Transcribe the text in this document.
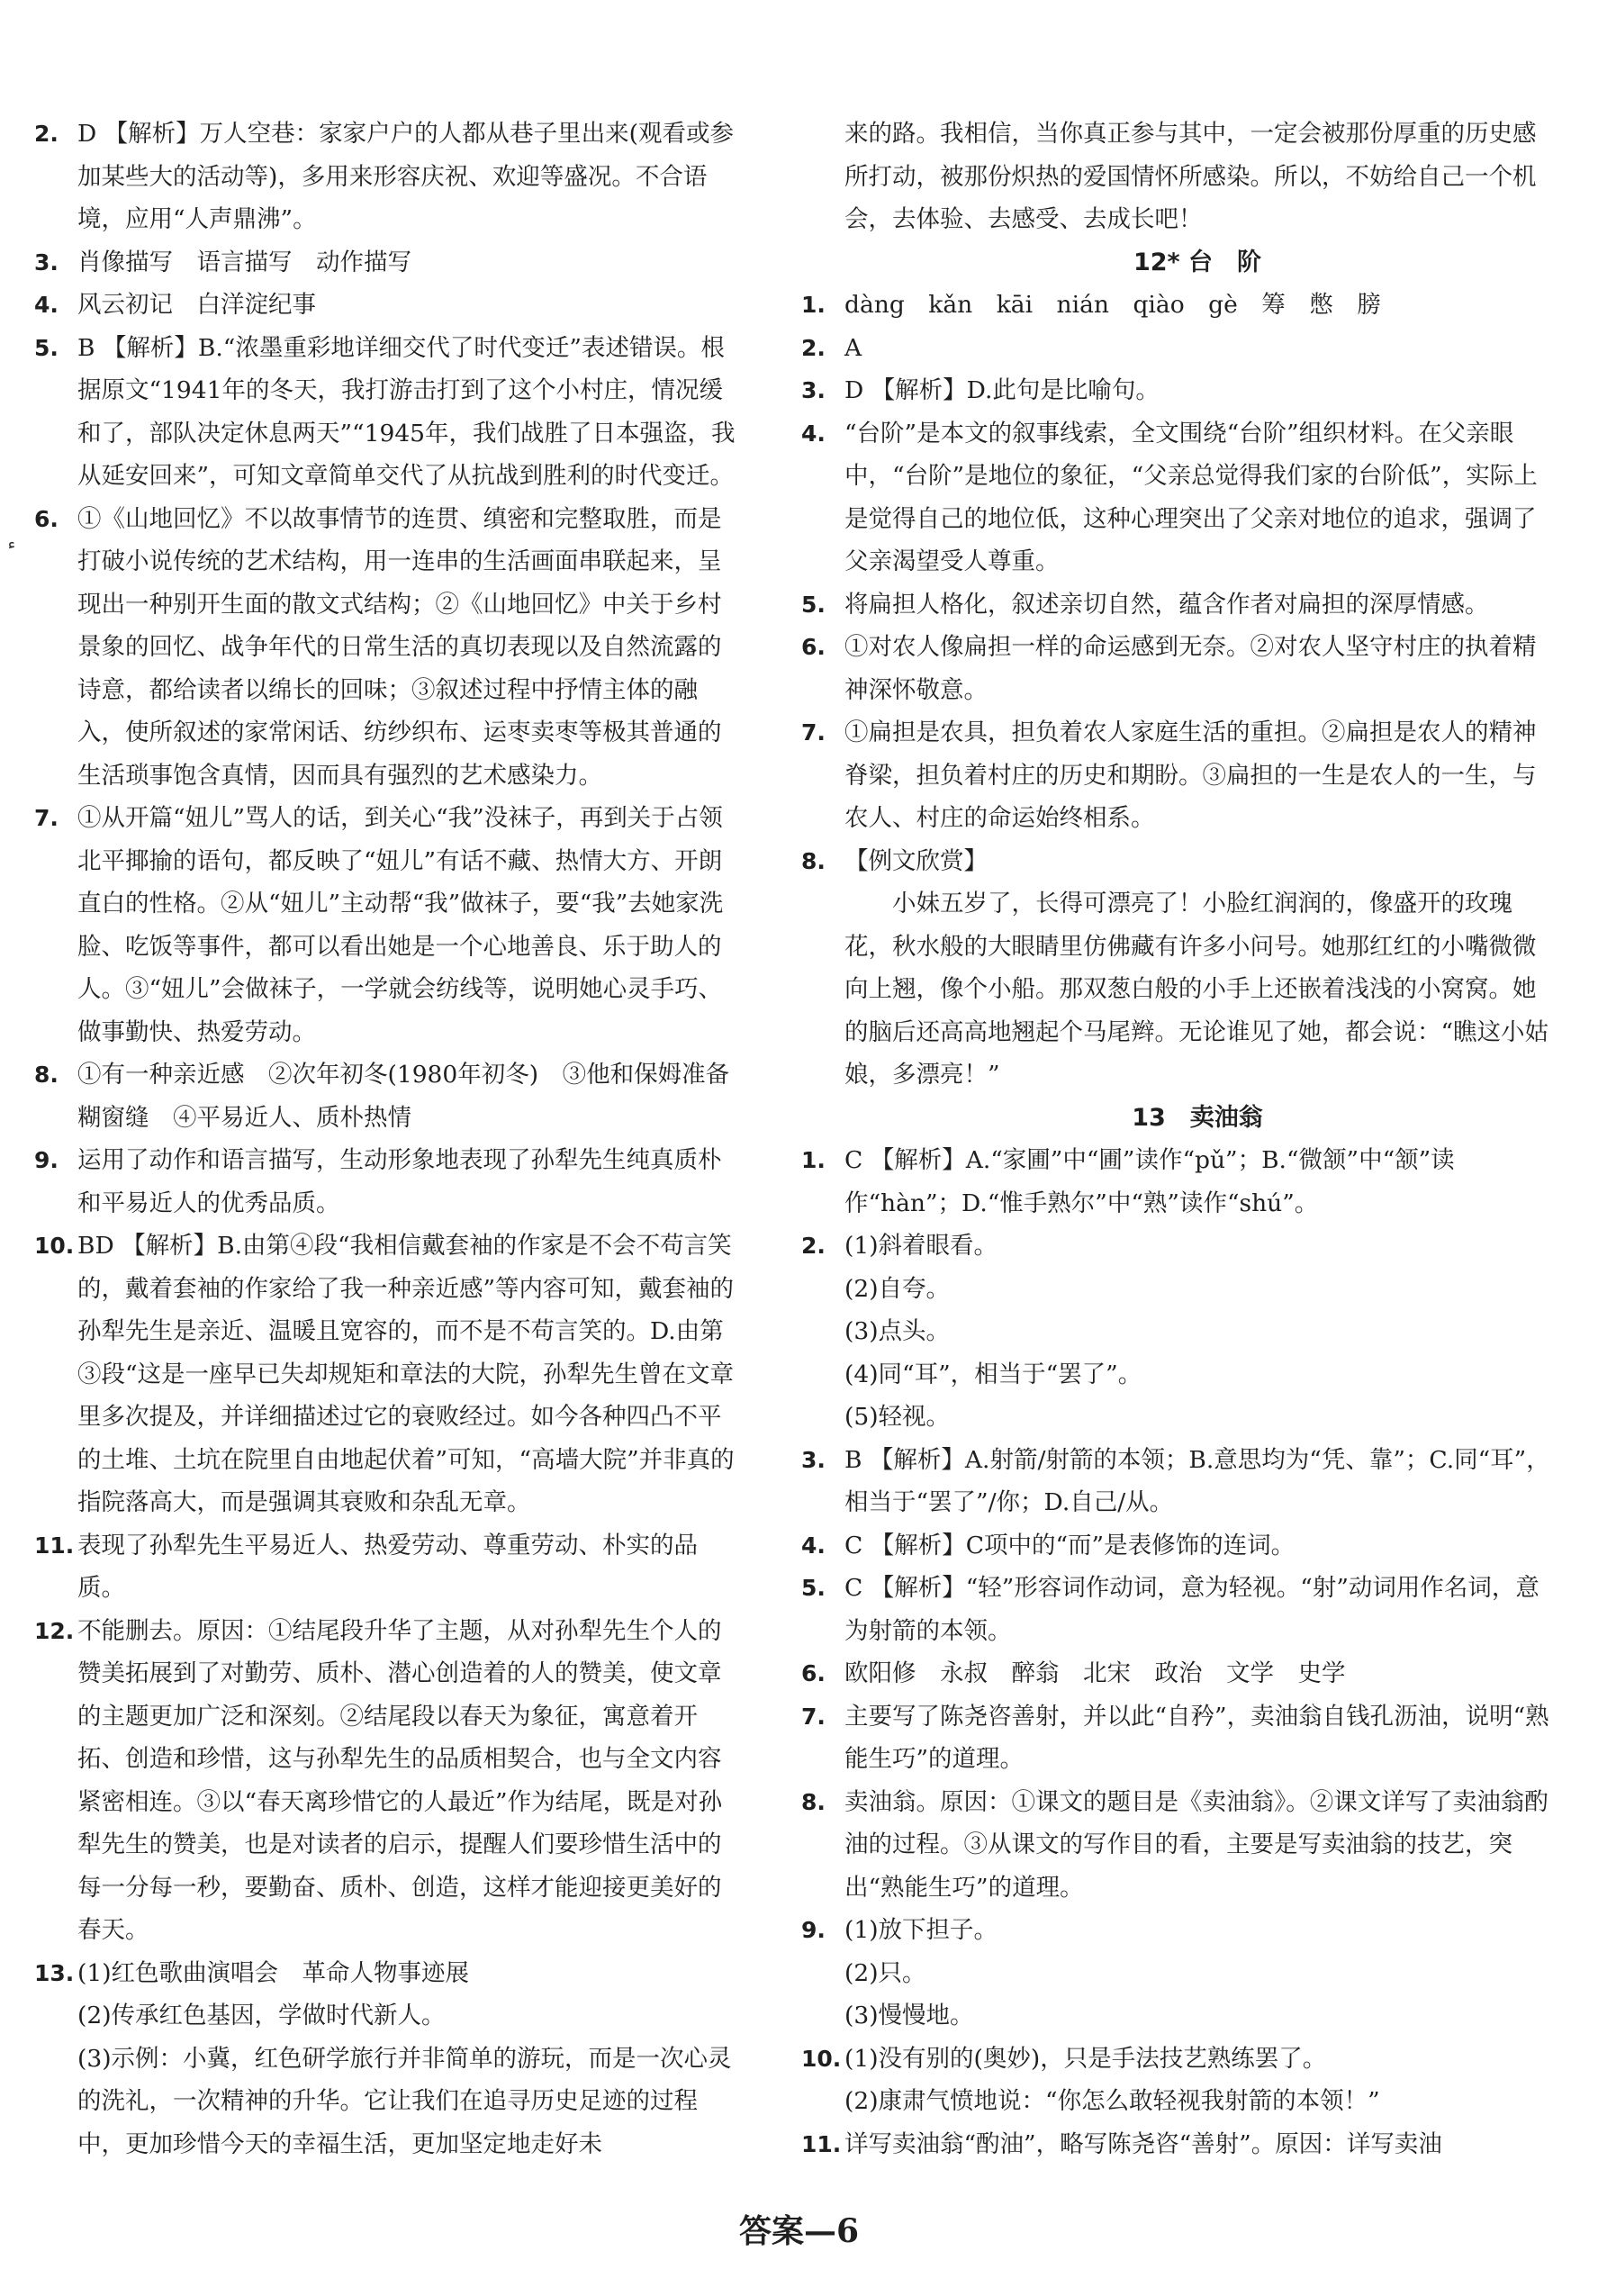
ٴ
2. D 【解析】万人空巷：家家户户的人都从巷子里出来(观看或参加某些大的活动等)，多用来形容庆祝、欢迎等盛况。不合语境，应用“人声鼎沸”。
3. 肖像描写　语言描写　动作描写
4. 风云初记　白洋淀纪事
5. B 【解析】B.“浓墨重彩地详细交代了时代变迁”表述错误。根据原文“1941年的冬天，我打游击打到了这个小村庄，情况缓和了，部队决定休息两天”“1945年，我们战胜了日本强盗，我从延安回来”，可知文章简单交代了从抗战到胜利的时代变迁。
6. ①《山地回忆》不以故事情节的连贯、缜密和完整取胜，而是打破小说传统的艺术结构，用一连串的生活画面串联起来，呈现出一种别开生面的散文式结构；②《山地回忆》中关于乡村景象的回忆、战争年代的日常生活的真切表现以及自然流露的诗意，都给读者以绵长的回味；③叙述过程中抒情主体的融入，使所叙述的家常闲话、纺纱织布、运枣卖枣等极其普通的生活琐事饱含真情，因而具有强烈的艺术感染力。
7. ①从开篇“妞儿”骂人的话，到关心“我”没袜子，再到关于占领北平揶揄的语句，都反映了“妞儿”有话不藏、热情大方、开朗直白的性格。②从“妞儿”主动帮“我”做袜子，要“我”去她家洗脸、吃饭等事件，都可以看出她是一个心地善良、乐于助人的人。③“妞儿”会做袜子，一学就会纺线等，说明她心灵手巧、做事勤快、热爱劳动。
8. ①有一种亲近感　②次年初冬(1980年初冬)　③他和保姆准备糊窗缝　④平易近人、质朴热情
9. 运用了动作和语言描写，生动形象地表现了孙犁先生纯真质朴和平易近人的优秀品质。
10. BD 【解析】B.由第④段“我相信戴套袖的作家是不会不苟言笑的，戴着套袖的作家给了我一种亲近感”等内容可知，戴套袖的孙犁先生是亲近、温暖且宽容的，而不是不苟言笑的。D.由第③段“这是一座早已失却规矩和章法的大院，孙犁先生曾在文章里多次提及，并详细描述过它的衰败经过。如今各种四凸不平的土堆、土坑在院里自由地起伏着”可知，“高墙大院”并非真的指院落高大，而是强调其衰败和杂乱无章。
11. 表现了孙犁先生平易近人、热爱劳动、尊重劳动、朴实的品质。
12. 不能删去。原因：①结尾段升华了主题，从对孙犁先生个人的赞美拓展到了对勤劳、质朴、潜心创造着的人的赞美，使文章的主题更加广泛和深刻。②结尾段以春天为象征，寓意着开拓、创造和珍惜，这与孙犁先生的品质相契合，也与全文内容紧密相连。③以“春天离珍惜它的人最近”作为结尾，既是对孙犁先生的赞美，也是对读者的启示，提醒人们要珍惜生活中的每一分每一秒，要勤奋、质朴、创造，这样才能迎接更美好的春天。
13. (1)红色歌曲演唱会　革命人物事迹展
(2)传承红色基因，学做时代新人。
(3)示例：小冀，红色研学旅行并非简单的游玩，而是一次心灵的洗礼，一次精神的升华。它让我们在追寻历史足迹的过程中，更加珍惜今天的幸福生活，更加坚定地走好未
来的路。我相信，当你真正参与其中，一定会被那份厚重的历史感所打动，被那份炽热的爱国情怀所感染。所以，不妨给自己一个机会，去体验、去感受、去成长吧！
12* 台　阶
1. dàng　kǎn　kāi　nián　qiào　gè　筹　憋　膀
2. A
3. D 【解析】D.此句是比喻句。
4. “台阶”是本文的叙事线索，全文围绕“台阶”组织材料。在父亲眼中，“台阶”是地位的象征，“父亲总觉得我们家的台阶低”，实际上是觉得自己的地位低，这种心理突出了父亲对地位的追求，强调了父亲渴望受人尊重。
5. 将扁担人格化，叙述亲切自然，蕴含作者对扁担的深厚情感。
6. ①对农人像扁担一样的命运感到无奈。②对农人坚守村庄的执着精神深怀敬意。
7. ①扁担是农具，担负着农人家庭生活的重担。②扁担是农人的精神脊梁，担负着村庄的历史和期盼。③扁担的一生是农人的一生，与农人、村庄的命运始终相系。
8. 【例文欣赏】
　　小妹五岁了，长得可漂亮了！小脸红润润的，像盛开的玫瑰花，秋水般的大眼睛里仿佛藏有许多小问号。她那红红的小嘴微微向上翘，像个小船。那双葱白般的小手上还嵌着浅浅的小窝窝。她的脑后还高高地翘起个马尾辫。无论谁见了她，都会说：“瞧这小姑娘，多漂亮！”
13　卖油翁
1. C 【解析】A.“家圃”中“圃”读作“pǔ”；B.“微颔”中“颔”读作“hàn”；D.“惟手熟尔”中“熟”读作“shú”。
2. (1)斜着眼看。
(2)自夸。
(3)点头。
(4)同“耳”，相当于“罢了”。
(5)轻视。
3. B 【解析】A.射箭/射箭的本领；B.意思均为“凭、靠”；C.同“耳”，相当于“罢了”/你；D.自己/从。
4. C 【解析】C项中的“而”是表修饰的连词。
5. C 【解析】“轻”形容词作动词，意为轻视。“射”动词用作名词，意为射箭的本领。
6. 欧阳修　永叔　醉翁　北宋　政治　文学　史学
7. 主要写了陈尧咨善射，并以此“自矜”，卖油翁自钱孔沥油，说明“熟能生巧”的道理。
8. 卖油翁。原因：①课文的题目是《卖油翁》。②课文详写了卖油翁酌油的过程。③从课文的写作目的看，主要是写卖油翁的技艺，突出“熟能生巧”的道理。
9. (1)放下担子。
(2)只。
(3)慢慢地。
10. (1)没有别的(奥妙)，只是手法技艺熟练罢了。
(2)康肃气愤地说：“你怎么敢轻视我射箭的本领！”
11. 详写卖油翁“酌油”，略写陈尧咨“善射”。原因：详写卖油
答案—6
